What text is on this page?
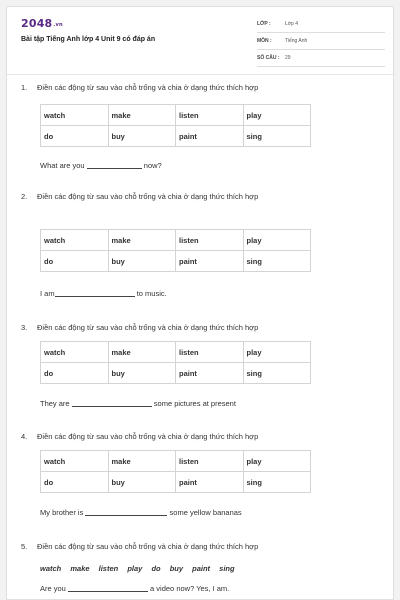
2048.vn
Bài tập Tiếng Anh lớp 4 Unit 9 có đáp án
LỚP :	Lớp 4
MÔN :	Tiếng Anh
SỐ CÂU : 29
1. Điền các động từ sau vào chỗ trống và chia ở dạng thức thích hợp
watch	make	listen	play
do	buy	paint	sing
What are you	now?
2. Điền các động từ sau vào chỗ trống và chia ở dạng thức thích hợp
watch	make	listen	play
do	buy	paint	sing
I am	to music.
3. Điền các động từ sau vào chỗ trống và chia ở dạng thức thích hợp
watch	make	listen	play
do	buy	paint	sing
They are	some pictures at present
4. Điền các động từ sau vào chỗ trống và chia ở dạng thức thích hợp
watch	make	listen	play
do	buy	paint	sing
My brother is	some yellow bananas
5. Điền các động từ sau vào chỗ trống và chia ở dạng thức thích hợp
watch make listen play do buy paint sing
Are you	a video now? Yes, I am.
